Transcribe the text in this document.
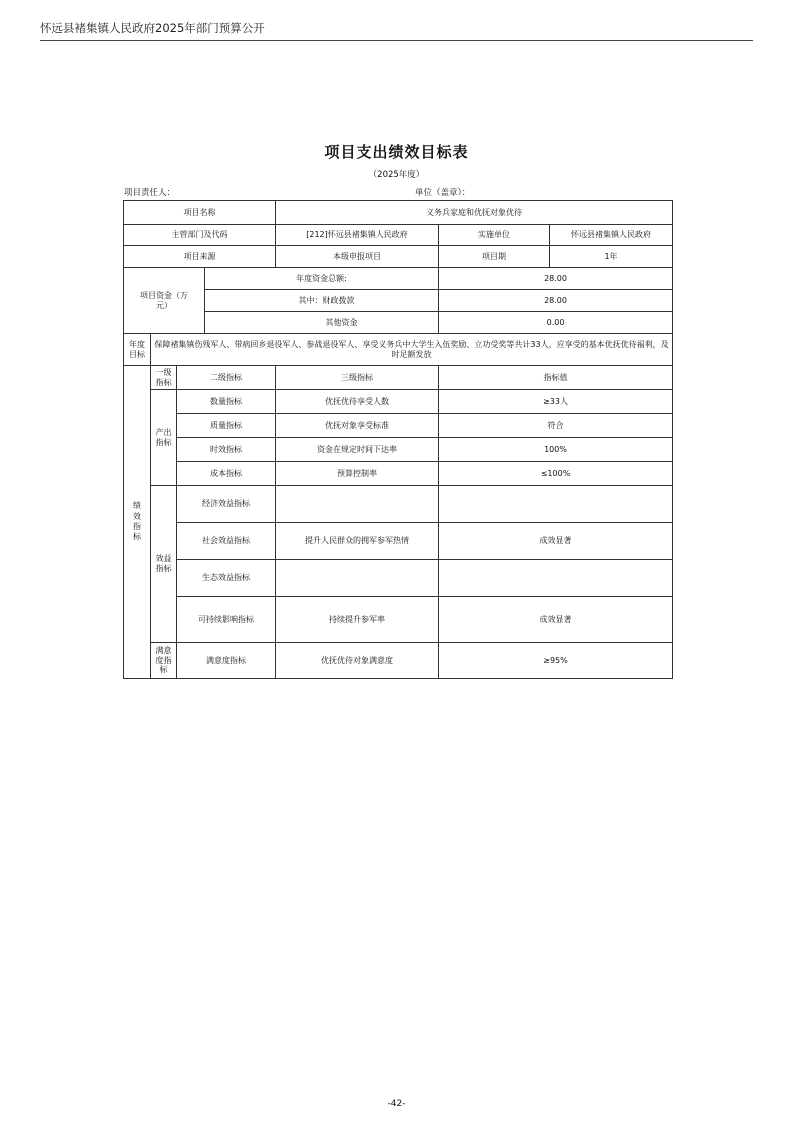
怀远县褚集镇人民政府2025年部门预算公开
项目支出绩效目标表
（2025年度）
项目责任人：	单位（盖章）：
项目名称				义务兵家庭和优抚对象优待		
主管部门及代码				[212]怀远县褚集镇人民政府	实施单位	怀远县褚集镇人民政府
项目来源				本级申报项目	项目期	1年
项目资金（万元）			年度资金总额:		28.00	
			其中：财政拨款		28.00	
			其他资金		0.00	
年度目标	保障褚集镇伤残军人、带病回乡退役军人、参战退役军人、享受义务兵中大学生入伍奖励、立功受奖等共计33人，应享受的基本优抚优待福利，及时足额发放					
绩效指标	一级指标	二级指标		三级指标	指标值	
	产出指标	数量指标		优抚优待享受人数	≥33人	
		质量指标		优抚对象享受标准	符合	
		时效指标		资金在规定时间下达率	100%	
		成本指标		预算控制率	≤100%	
	效益指标	经济效益指标				
		社会效益指标		提升人民群众的拥军参军热情	成效显著	
		生态效益指标				
		可持续影响指标		持续提升参军率	成效显著	
	满意度指标	满意度指标		优抚优待对象满意度	≥95%	
-42-
